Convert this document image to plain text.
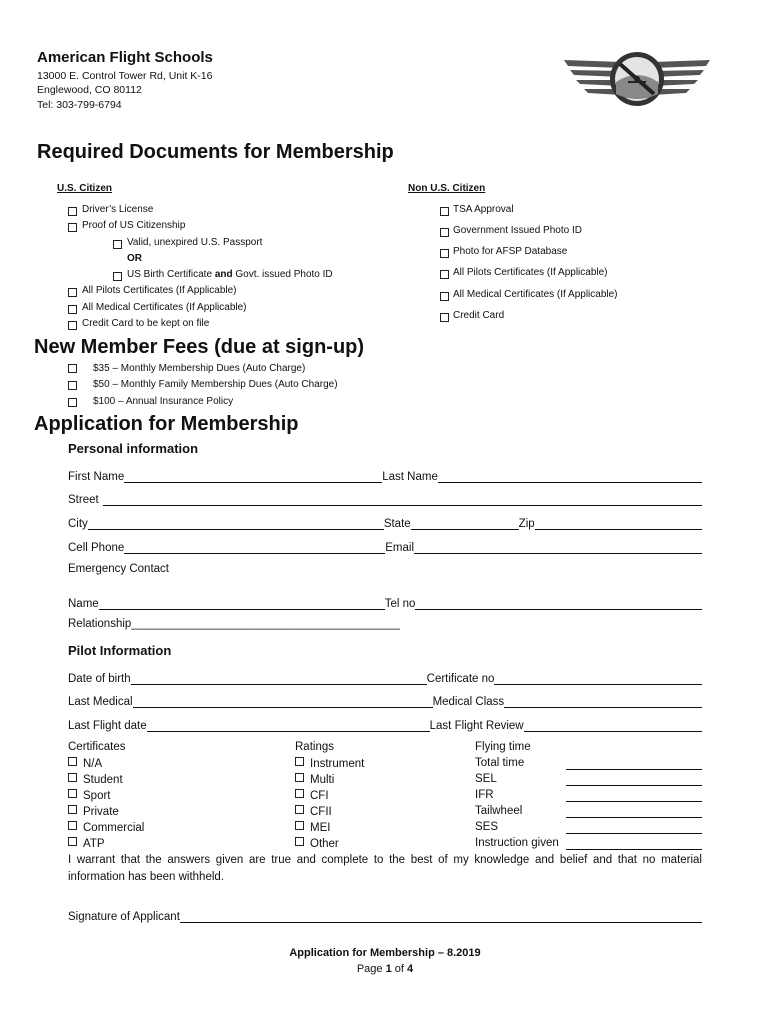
American Flight Schools
13000 E. Control Tower Rd, Unit K-16
Englewood, CO 80112
Tel: 303-799-6794
Required Documents for Membership
U.S. Citizen	Non U.S. Citizen
Driver’s License
Proof of US Citizenship
Valid, unexpired U.S. Passport
OR
US Birth Certificate and Govt. issued Photo ID
All Pilots Certificates (If Applicable)
All Medical Certificates (If Applicable)
Credit Card to be kept on file
TSA Approval
Government Issued Photo ID
Photo for AFSP Database
All Pilots Certificates (If Applicable)
All Medical Certificates (If Applicable)
Credit Card
New Member Fees (due at sign-up)
$35 – Monthly Membership Dues (Auto Charge)
$50 – Monthly Family Membership Dues (Auto Charge)
$100 – Annual Insurance Policy
Application for Membership
Personal information
First Name	Last Name
Street
City	State	Zip
Cell Phone	Email
Emergency Contact
Name	Tel no
Relationship__________________________________________
Pilot Information
Date of birth	Certificate no
Last Medical	Medical Class
Last Flight date	Last Flight Review
Certificates
N/A
Student
Sport
Private
Commercial
ATP
Ratings
Instrument
Multi
CFI
CFII
MEI
Other
Flying time
Total time
SEL
IFR
Tailwheel
SES
Instruction given
I warrant that the answers given are true and complete to the best of my knowledge and belief and that no material information has been withheld.
Signature of Applicant
Application for Membership – 8.2019
Page 1 of 4
